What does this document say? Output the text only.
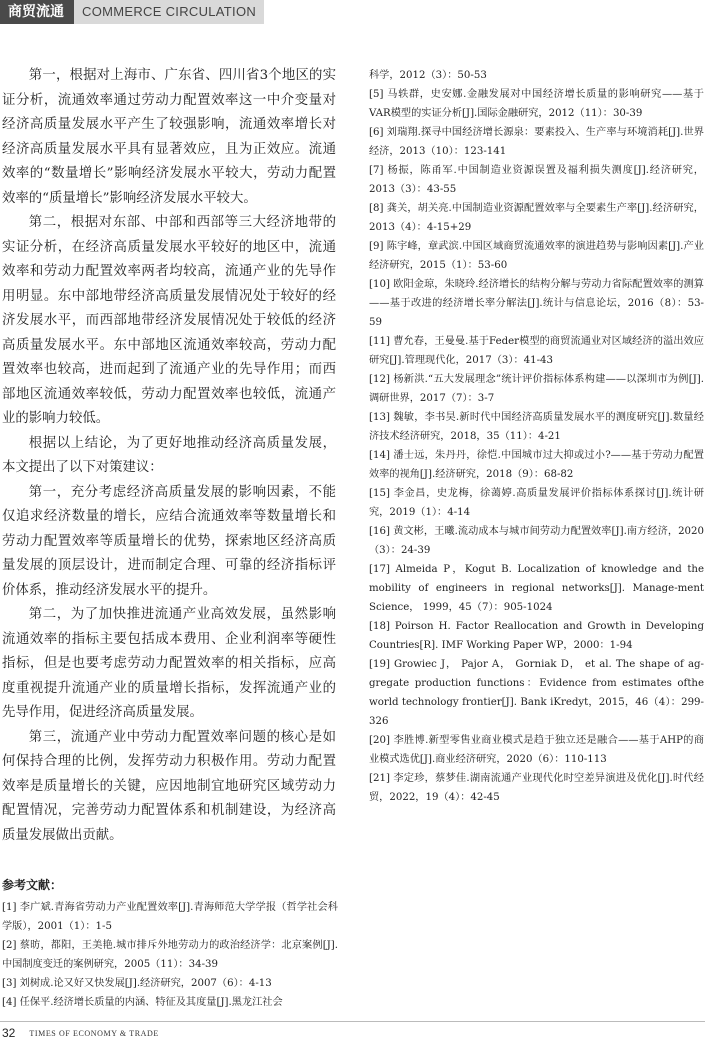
商贸流通	COMMERCE CIRCULATION

第一，根据对上海市、广东省、四川省3个地区的实证分析，流通效率通过劳动力配置效率这一中介变量对经济高质量发展水平产生了较强影响，流通效率增长对经济高质量发展水平具有显著效应，且为正效应。流通效率的“数量增长”影响经济发展水平较大，劳动力配置效率的“质量增长”影响经济发展水平较大。

第二，根据对东部、中部和西部等三大经济地带的实证分析，在经济高质量发展水平较好的地区中，流通效率和劳动力配置效率两者均较高，流通产业的先导作用明显。东中部地带经济高质量发展情况处于较好的经济发展水平，而西部地带经济发展情况处于较低的经济高质量发展水平。东中部地区流通效率较高，劳动力配置效率也较高，进而起到了流通产业的先导作用；而西部地区流通效率较低，劳动力配置效率也较低，流通产业的影响力较低。

根据以上结论，为了更好地推动经济高质量发展，本文提出了以下对策建议：

第一，充分考虑经济高质量发展的影响因素，不能仅追求经济数量的增长，应结合流通效率等数量增长和劳动力配置效率等质量增长的优势，探索地区经济高质量发展的顶层设计，进而制定合理、可靠的经济指标评价体系，推动经济发展水平的提升。

第二，为了加快推进流通产业高效发展，虽然影响流通效率的指标主要包括成本费用、企业利润率等硬性指标，但是也要考虑劳动力配置效率的相关指标，应高度重视提升流通产业的质量增长指标，发挥流通产业的先导作用，促进经济高质量发展。

第三，流通产业中劳动力配置效率问题的核心是如何保持合理的比例，发挥劳动力积极作用。劳动力配置效率是质量增长的关键，应因地制宜地研究区域劳动力配置情况，完善劳动力配置体系和机制建设，为经济高质量发展做出贡献。

参考文献：

[1] 李广斌.青海省劳动力产业配置效率[J].青海师范大学学报（哲学社会科学版），2001（1）：1-5

[2] 蔡昉，都阳，王美艳.城市排斥外地劳动力的政治经济学：北京案例[J].中国制度变迁的案例研究，2005（11）：34-39

[3] 刘树成.论又好又快发展[J].经济研究，2007（6）：4-13

[4] 任保平.经济增长质量的内涵、特征及其度量[J].黑龙江社会

科学，2012（3）：50-53

[5] 马轶群，史安娜.金融发展对中国经济增长质量的影响研究——基于VAR模型的实证分析[J].国际金融研究，2012（11）：30-39

[6] 刘瑞翔.探寻中国经济增长源泉：要素投入、生产率与环境消耗[J].世界经济，2013（10）：123-141

[7] 杨振，陈甬军.中国制造业资源误置及福利损失测度[J].经济研究，2013（3）：43-55

[8] 龚关，胡关亮.中国制造业资源配置效率与全要素生产率[J].经济研究，2013（4）：4-15+29

[9] 陈宇峰，章武滨.中国区域商贸流通效率的演进趋势与影响因素[J].产业经济研究，2015（1）：53-60

[10] 欧阳金琼，朱晓玲.经济增长的结构分解与劳动力省际配置效率的测算——基于改进的经济增长率分解法[J].统计与信息论坛，2016（8）：53-59

[11] 曹允春，王曼曼.基于Feder模型的商贸流通业对区域经济的溢出效应研究[J].管理现代化，2017（3）：41-43

[12] 杨新洪.“五大发展理念”统计评价指标体系构建——以深圳市为例[J].调研世界，2017（7）：3-7

[13] 魏敏，李书昊.新时代中国经济高质量发展水平的测度研究[J].数量经济技术经济研究，2018，35（11）：4-21

[14] 潘士远，朱丹丹，徐恺.中国城市过大抑或过小?——基于劳动力配置效率的视角[J].经济研究，2018（9）：68-82

[15] 李金昌，史龙梅，徐蔼婷.高质量发展评价指标体系探讨[J].统计研究，2019（1）：4-14

[16] 黄文彬，王曦.流动成本与城市间劳动力配置效率[J].南方经济，2020（3）：24-39

[17] Almeida P，Kogut B. Localization of knowledge and the mobility of engineers in regional networks[J]. Manage-ment Science， 1999，45（7）：905-1024

[18] Poirson H. Factor Reallocation and Growth in Developing Countries[R]. IMF Working Paper WP，2000：1-94

[19] Growiec J， Pajor A， Gorniak D， et al. The shape of ag-gregate production functions：Evidence from estimates ofthe world technology frontier[J]. Bank iKredyt，2015，46（4）：299-326

[20] 李胜博.新型零售业商业模式是趋于独立还是融合——基于AHP的商业模式选优[J].商业经济研究，2020（6）：110-113

[21] 李定珍，蔡梦佳.湖南流通产业现代化时空差异演进及优化[J].时代经贸，2022，19（4）：42-45

32 TIMES OF ECONOMY & TRADE
